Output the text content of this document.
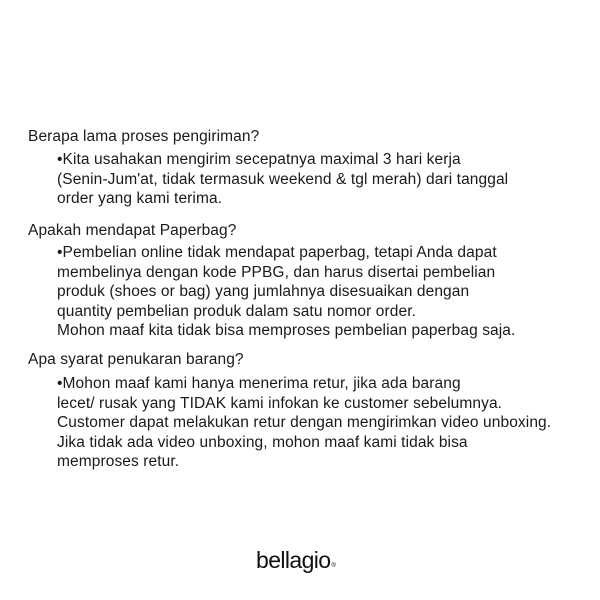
Berapa lama proses pengiriman?
•Kita usahakan mengirim secepatnya maximal 3 hari kerja
(Senin-Jum'at, tidak termasuk weekend & tgl merah) dari tanggal
order yang kami terima.
Apakah mendapat Paperbag?
•Pembelian online tidak mendapat paperbag, tetapi Anda dapat
membelinya dengan kode PPBG, dan harus disertai pembelian
produk (shoes or bag) yang jumlahnya disesuaikan dengan
quantity pembelian produk dalam satu nomor order.
Mohon maaf kita tidak bisa memproses pembelian paperbag saja.
Apa syarat penukaran barang?
•Mohon maaf kami hanya menerima retur, jika ada barang
lecet/ rusak yang TIDAK kami infokan ke customer sebelumnya.
Customer dapat melakukan retur dengan mengirimkan video unboxing.
Jika tidak ada video unboxing, mohon maaf kami tidak bisa
memproses retur.
bellagio®
